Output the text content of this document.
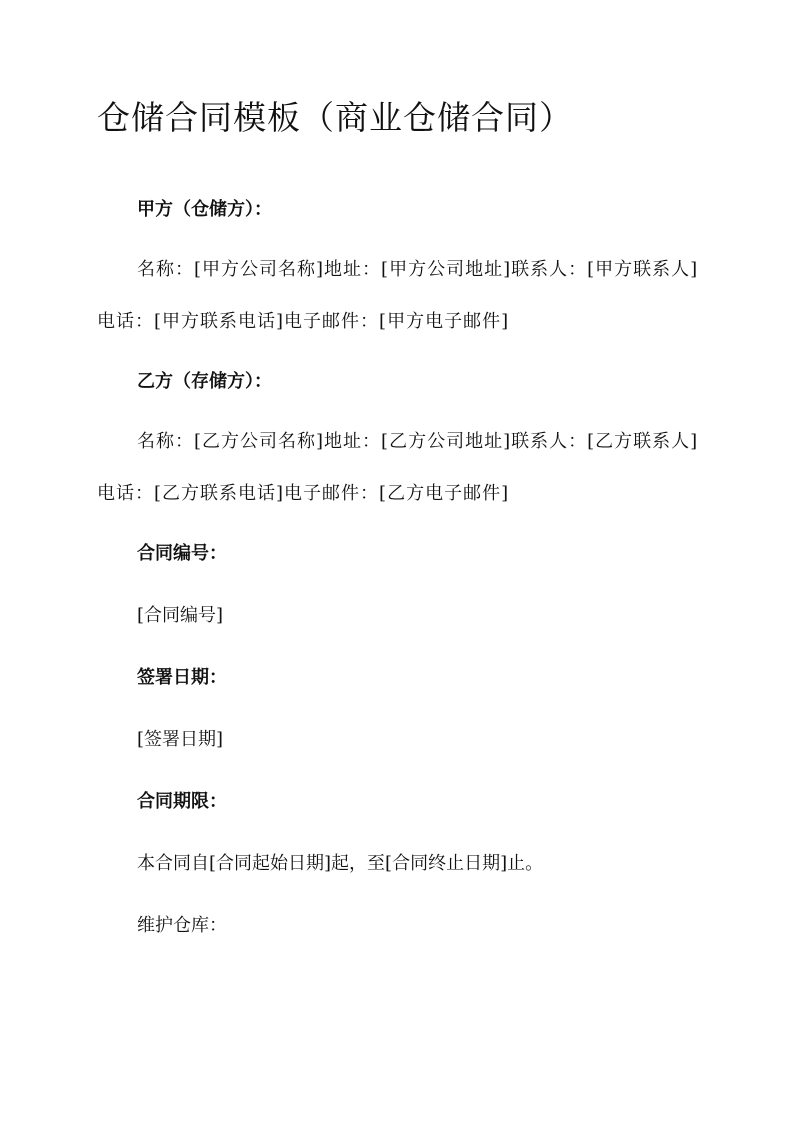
仓储合同模板（商业仓储合同）

甲方（仓储方）：

名称：[甲方公司名称]地址：[甲方公司地址]联系人：[甲方联系人]电话：[甲方联系电话]电子邮件：[甲方电子邮件]

乙方（存储方）：

名称：[乙方公司名称]地址：[乙方公司地址]联系人：[乙方联系人]电话：[乙方联系电话]电子邮件：[乙方电子邮件]

合同编号：

[合同编号]

签署日期：

[签署日期]

合同期限：

本合同自[合同起始日期]起，至[合同终止日期]止。

维护仓库：
